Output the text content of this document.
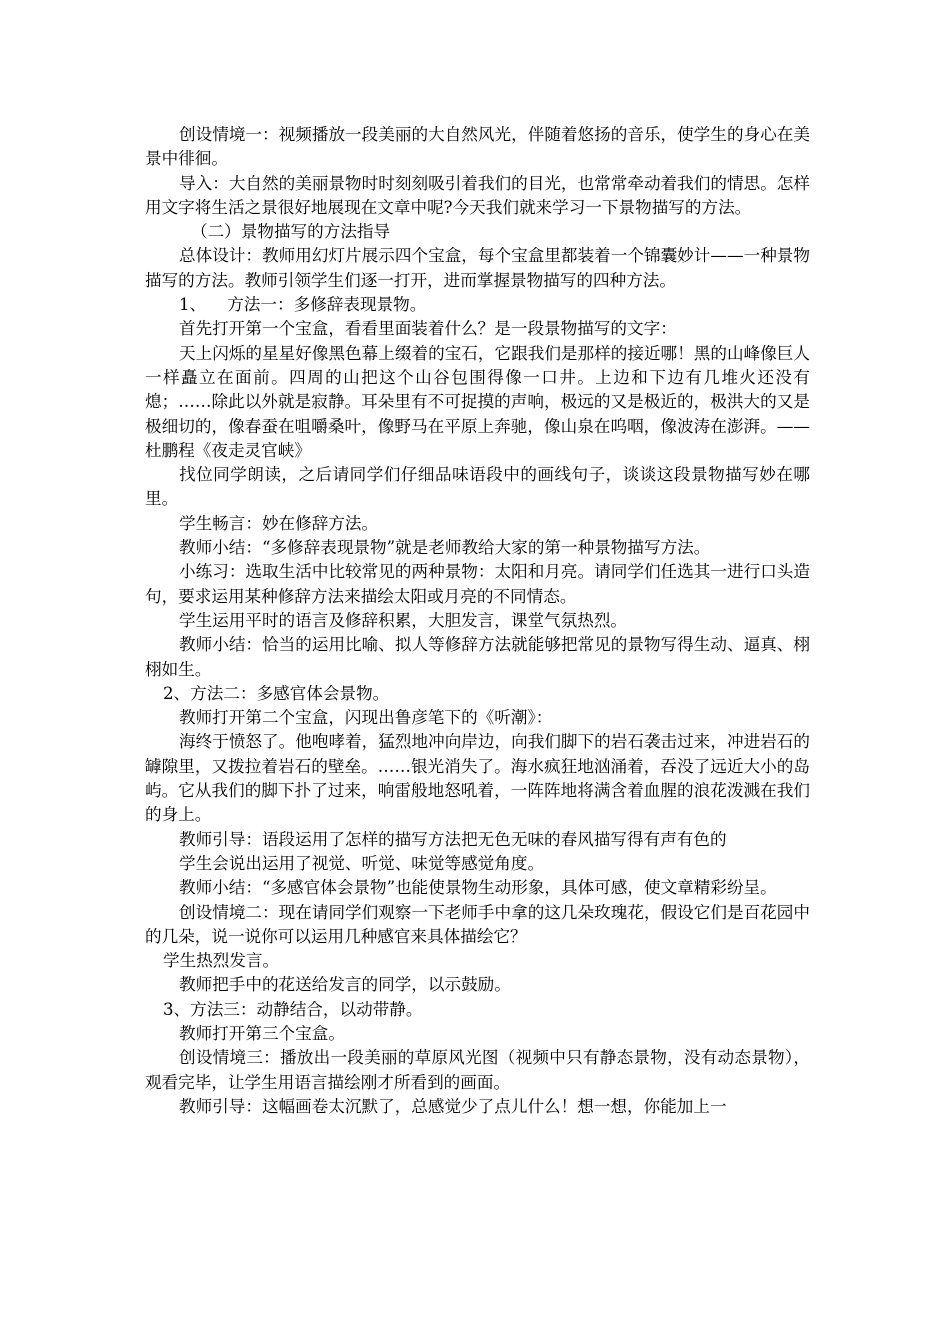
创设情境一：视频播放一段美丽的大自然风光，伴随着悠扬的音乐，使学生的身心在美景中徘徊。

导入：大自然的美丽景物时时刻刻吸引着我们的目光，也常常牵动着我们的情思。怎样用文字将生活之景很好地展现在文章中呢?今天我们就来学习一下景物描写的方法。

（二）景物描写的方法指导

总体设计：教师用幻灯片展示四个宝盒，每个宝盒里都装着一个锦囊妙计——一种景物描写的方法。教师引领学生们逐一打开，进而掌握景物描写的四种方法。

1、    方法一：多修辞表现景物。

首先打开第一个宝盒，看看里面装着什么？是一段景物描写的文字：

天上闪烁的星星好像黑色幕上缀着的宝石，它跟我们是那样的接近哪！黑的山峰像巨人一样矗立在面前。四周的山把这个山谷包围得像一口井。上边和下边有几堆火还没有熄；……除此以外就是寂静。耳朵里有不可捉摸的声响，极远的又是极近的，极洪大的又是极细切的，像春蚕在咀嚼桑叶，像野马在平原上奔驰，像山泉在呜咽，像波涛在澎湃。——杜鹏程《夜走灵官峡》

找位同学朗读，之后请同学们仔细品味语段中的画线句子，谈谈这段景物描写妙在哪里。

学生畅言：妙在修辞方法。

教师小结：“多修辞表现景物”就是老师教给大家的第一种景物描写方法。

小练习：选取生活中比较常见的两种景物：太阳和月亮。请同学们任选其一进行口头造句，要求运用某种修辞方法来描绘太阳或月亮的不同情态。

学生运用平时的语言及修辞积累，大胆发言，课堂气氛热烈。

教师小结：恰当的运用比喻、拟人等修辞方法就能够把常见的景物写得生动、逼真、栩栩如生。

2、方法二：多感官体会景物。

教师打开第二个宝盒，闪现出鲁彦笔下的《听潮》：

海终于愤怒了。他咆哮着，猛烈地冲向岸边，向我们脚下的岩石袭击过来，冲进岩石的罅隙里，又拨拉着岩石的壁垒。……银光消失了。海水疯狂地汹涌着，吞没了远近大小的岛屿。它从我们的脚下扑了过来，响雷般地怒吼着，一阵阵地将满含着血腥的浪花泼溅在我们的身上。

教师引导：语段运用了怎样的描写方法把无色无味的春风描写得有声有色的

学生会说出运用了视觉、听觉、味觉等感觉角度。

教师小结：“多感官体会景物”也能使景物生动形象，具体可感，使文章精彩纷呈。

创设情境二：现在请同学们观察一下老师手中拿的这几朵玫瑰花，假设它们是百花园中的几朵，说一说你可以运用几种感官来具体描绘它？

学生热烈发言。

教师把手中的花送给发言的同学，以示鼓励。

3、方法三：动静结合，以动带静。

教师打开第三个宝盒。

创设情境三：播放出一段美丽的草原风光图（视频中只有静态景物，没有动态景物），观看完毕，让学生用语言描绘刚才所看到的画面。

教师引导：这幅画卷太沉默了，总感觉少了点儿什么！想一想，你能加上一
